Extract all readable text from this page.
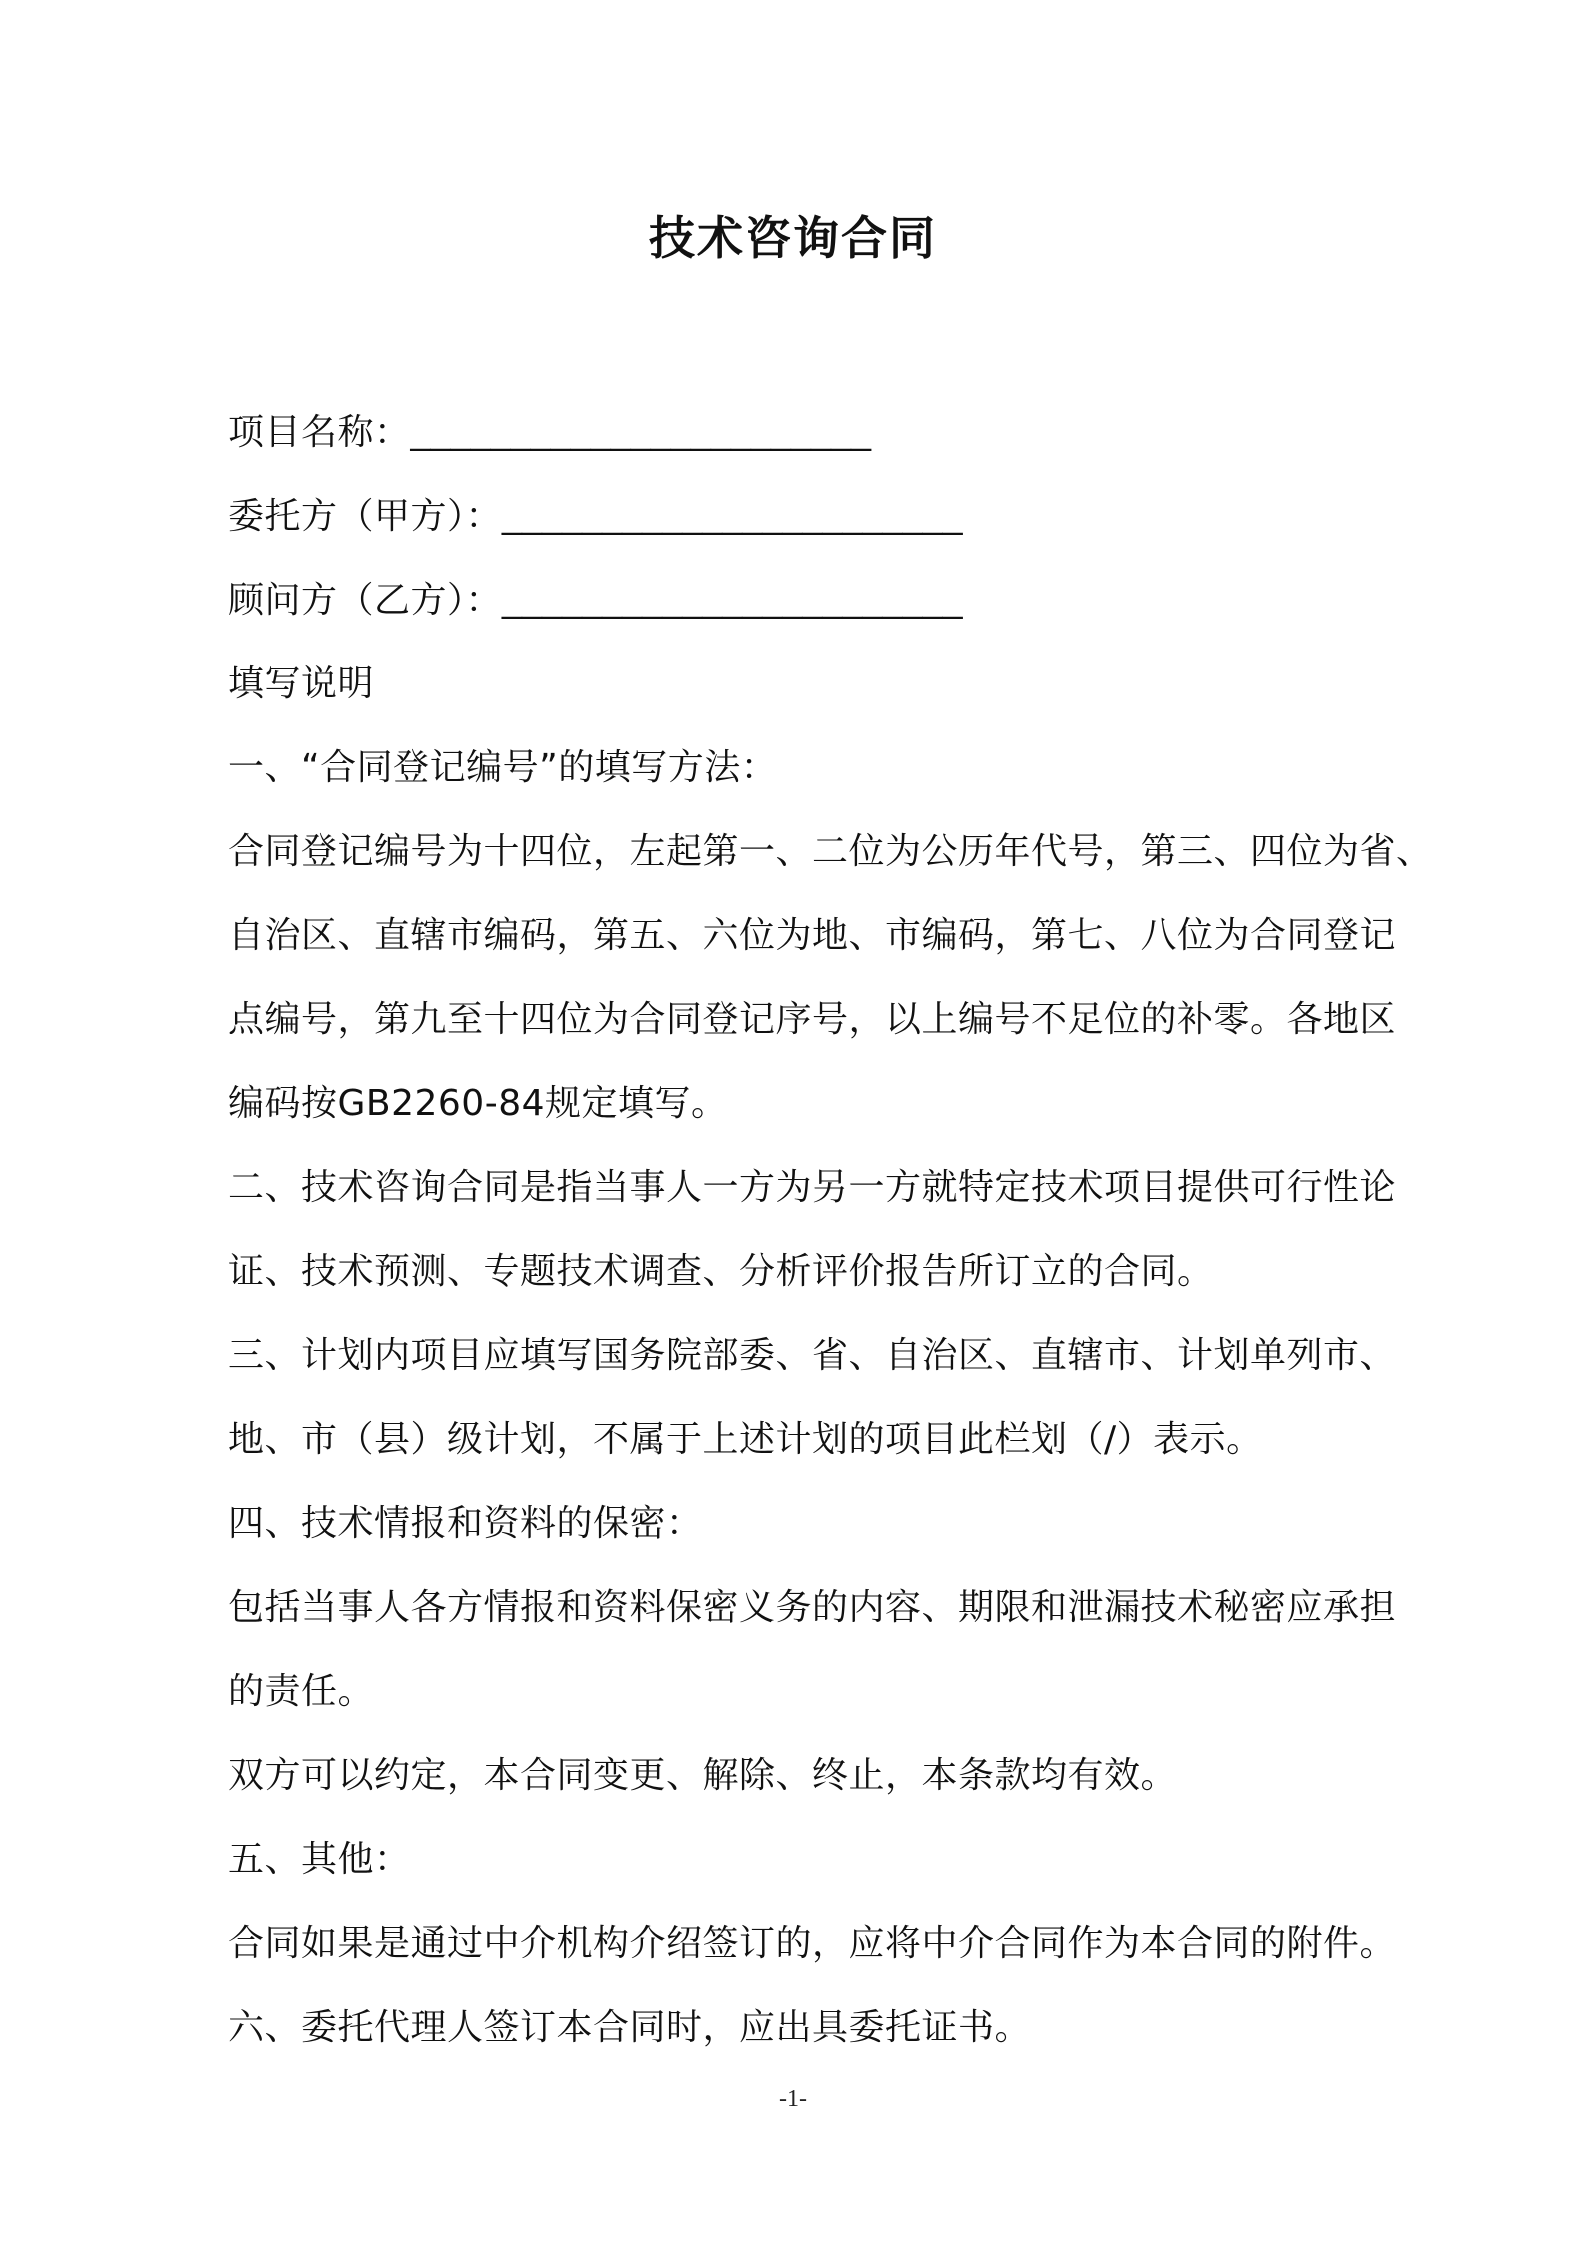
技术咨询合同
项目名称：_______________________
委托方（甲方）：_______________________
顾问方（乙方）：_______________________
填写说明
一、“合同登记编号”的填写方法：
合同登记编号为十四位，左起第一、二位为公历年代号，第三、四位为省、
自治区、直辖市编码，第五、六位为地、市编码，第七、八位为合同登记
点编号，第九至十四位为合同登记序号，以上编号不足位的补零。各地区
编码按GB2260-84规定填写。
二、技术咨询合同是指当事人一方为另一方就特定技术项目提供可行性论
证、技术预测、专题技术调查、分析评价报告所订立的合同。
三、计划内项目应填写国务院部委、省、自治区、直辖市、计划单列市、
地、市（县）级计划，不属于上述计划的项目此栏划（/）表示。
四、技术情报和资料的保密：
包括当事人各方情报和资料保密义务的内容、期限和泄漏技术秘密应承担
的责任。
双方可以约定，本合同变更、解除、终止，本条款均有效。
五、其他：
合同如果是通过中介机构介绍签订的，应将中介合同作为本合同的附件。
六、委托代理人签订本合同时，应出具委托证书。
-1-
